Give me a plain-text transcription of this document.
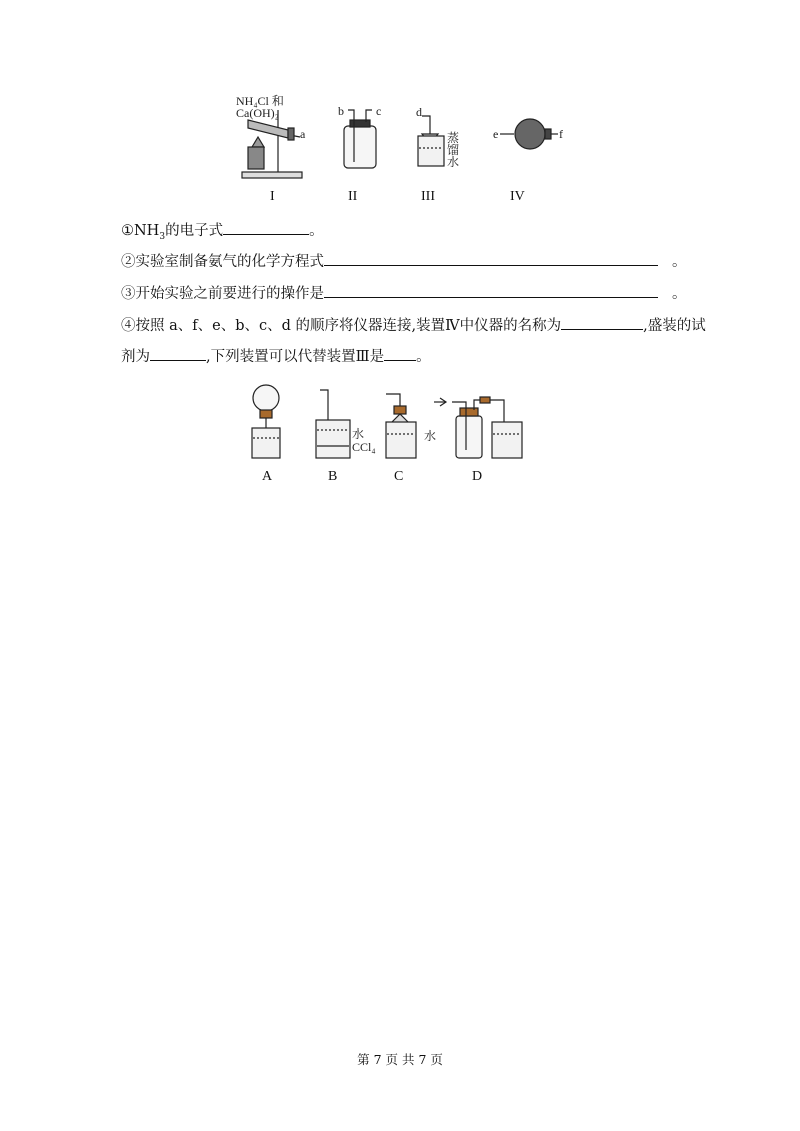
NH₄Cl 和
Ca(OH)₂
a
b	c	d
蒸
馏
水
e	f
I	II	III	IV
$①NH_3$的电子式	。
②实验室制备氨气的化学方程式	。
③开始实验之前要进行的操作是	。
④按照 a、f、e、b、c、d 的顺序将仪器连接,装置Ⅳ中仪器的名称为	,盛装的试
剂为	,下列装置可以代替装置Ⅲ是 。
水
CCl₄
水
A	B	C	D
第 7 页 共 7 页
